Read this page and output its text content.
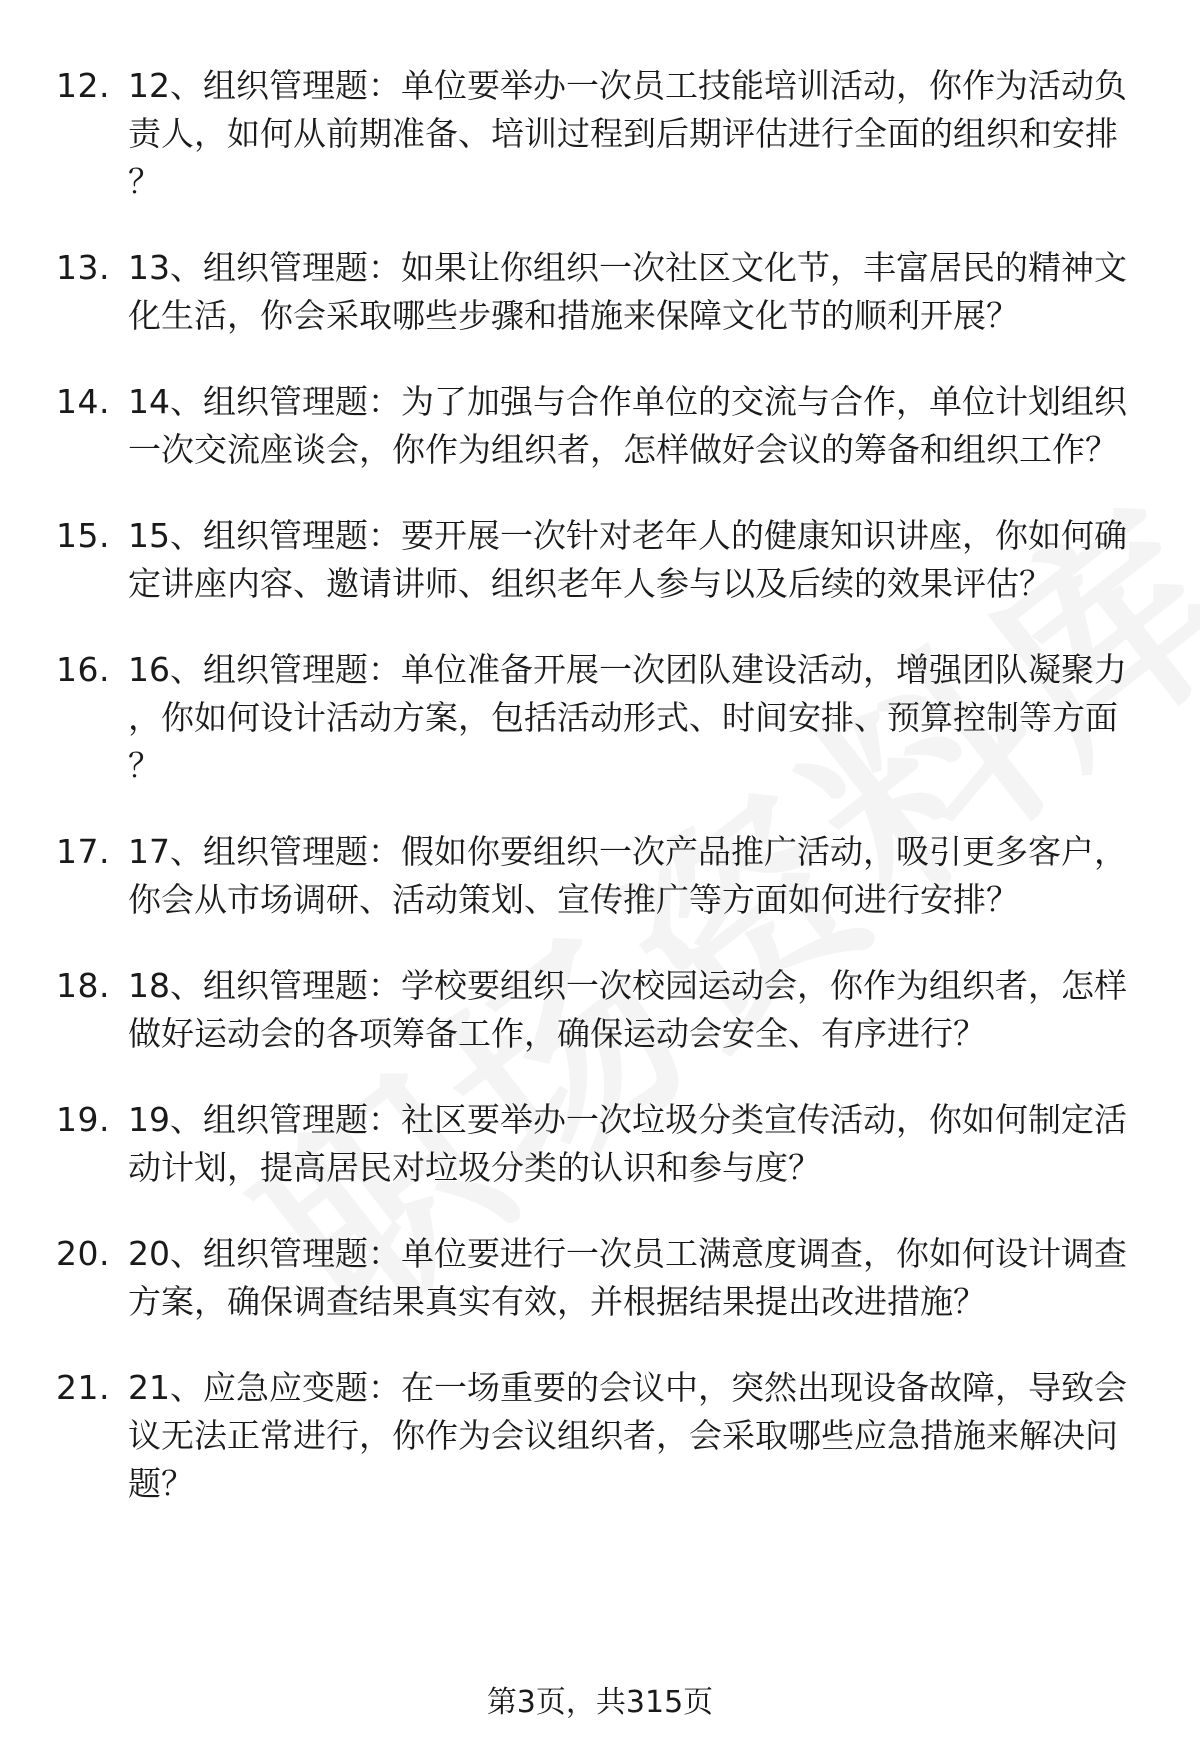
12. 12、组织管理题：单位要举办一次员工技能培训活动，你作为活动负责人，如何从前期准备、培训过程到后期评估进行全面的组织和安排？
13. 13、组织管理题：如果让你组织一次社区文化节，丰富居民的精神文化生活，你会采取哪些步骤和措施来保障文化节的顺利开展？
14. 14、组织管理题：为了加强与合作单位的交流与合作，单位计划组织一次交流座谈会，你作为组织者，怎样做好会议的筹备和组织工作？
15. 15、组织管理题：要开展一次针对老年人的健康知识讲座，你如何确定讲座内容、邀请讲师、组织老年人参与以及后续的效果评估？
16. 16、组织管理题：单位准备开展一次团队建设活动，增强团队凝聚力，你如何设计活动方案，包括活动形式、时间安排、预算控制等方面？
17. 17、组织管理题：假如你要组织一次产品推广活动，吸引更多客户，你会从市场调研、活动策划、宣传推广等方面如何进行安排？
18. 18、组织管理题：学校要组织一次校园运动会，你作为组织者，怎样做好运动会的各项筹备工作，确保运动会安全、有序进行？
19. 19、组织管理题：社区要举办一次垃圾分类宣传活动，你如何制定活动计划，提高居民对垃圾分类的认识和参与度？
20. 20、组织管理题：单位要进行一次员工满意度调查，你如何设计调查方案，确保调查结果真实有效，并根据结果提出改进措施？
21. 21、应急应变题：在一场重要的会议中，突然出现设备故障，导致会议无法正常进行，你作为会议组织者，会采取哪些应急措施来解决问题？
第3页，共315页
